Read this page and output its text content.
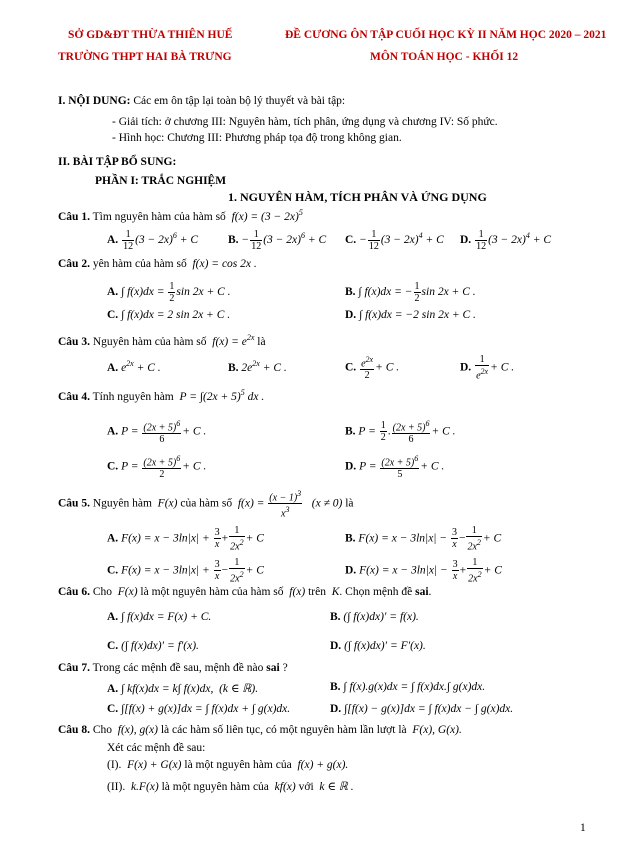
SỞ GD&ĐT THỪA THIÊN HUẾ
TRƯỜNG THPT HAI BÀ TRƯNG
ĐỀ CƯƠNG ÔN TẬP CUỐI HỌC KỲ II NĂM HỌC 2020 – 2021
MÔN TOÁN HỌC - KHỐI 12
I. NỘI DUNG: Các em ôn tập lại toàn bộ lý thuyết và bài tập:
- Giải tích: ở chương III: Nguyên hàm, tích phân, ứng dụng và chương IV: Số phức.
- Hình học: Chương III: Phương pháp tọa độ trong không gian.
II. BÀI TẬP BỔ SUNG:
PHẦN I: TRẮC NGHIỆM
1. NGUYÊN HÀM, TÍCH PHÂN VÀ ỨNG DỤNG
Câu 1. Tìm nguyên hàm của hàm số  $f(x) = (3 - 2x)^5$
A. $\frac{1}{12} (3 - 2x)^6 + C$	B. − $\frac{1}{12} (3 - 2x)^6 + C$ C. − $\frac{1}{12} (3 - 2x)^4 + C$ D. $\frac{1}{12} (3 - 2x)^4 + C$
Câu 2. yên hàm của hàm số  f(x) = cos 2x .
A. ∫ $f(x)dx = \frac{1}{2}$ sin 2x + C .	B. ∫ f(x)dx = − $\frac{1}{2}$ sin 2x + C .
C. ∫ f(x)dx = 2 sin 2x + C .	D. ∫ f(x)dx = −2 sin 2x + C .
Câu 3. Nguyên hàm của hàm số  $f(x) = e^{2x}$ là
A. $e^{2x} + C$ .	B. $2e^{2x} + C$ .	C. $\frac{e^{2x}}{2} + C$ .	D. $\frac{1}{e^{2x}} + C$ .
Câu 4. Tính nguyên hàm  $P = \int(2x + 5)^5$ dx .
A. $P = \frac{(2x + 5)^6}{6} + C$ .	B. $P = \frac{1}{2}$ . $\frac{(2x + 5)^6}{6} + C$ .
C. $P = \frac{(2x + 5)^6}{2} + C$ .	D. $P = \frac{(2x + 5)^6}{5} + C$ .
Câu 5. Nguyên hàm  F(x) của hàm số  $f(x) = \frac{(x - 1)^3}{x^3} (x \ne 0)$ là
A. $F(x) = x - 3\ln|x| + \frac{3}{x} + \frac{1}{2x^2} + C$	B. $F(x) = x - 3\ln|x| - \frac{3}{x} - \frac{1}{2x^2} + C$
C. $F(x) = x - 3\ln|x| + \frac{3}{x} - \frac{1}{2x^2} + C$	D. $F(x) = x - 3\ln|x| - \frac{3}{x} + \frac{1}{2x^2} + C$
Câu 6. Cho  F(x) là một nguyên hàm của hàm số  f(x) trên  K. Chọn mệnh đề sai.
A. ∫ f(x)dx = F(x) + C.	B. (∫ f(x)dx)′ = f(x).
C. (∫ f(x)dx)′ = f′(x).	D. (∫ f(x)dx)′ = F′(x).
Câu 7. Trong các mệnh đề sau, mệnh đề nào sai ?
A. ∫ kf(x)dx = k∫ f(x)dx,  (k ∈ ℝ).	B. ∫ f(x).g(x)dx = ∫ f(x)dx.∫ g(x)dx.
C. ∫[f(x) + g(x)]dx = ∫ f(x)dx + ∫ g(x)dx.	D. ∫[f(x) − g(x)]dx = ∫ f(x)dx − ∫ g(x)dx.
Câu 8. Cho  f(x), g(x) là các hàm số liên tục, có một nguyên hàm lần lượt là  F(x), G(x).
Xét các mệnh đề sau:
(I).  F(x) + G(x) là một nguyên hàm của  f(x) + g(x).
(II).  k.F(x) là một nguyên hàm của  kf(x) với  k ∈ ℝ .
1
